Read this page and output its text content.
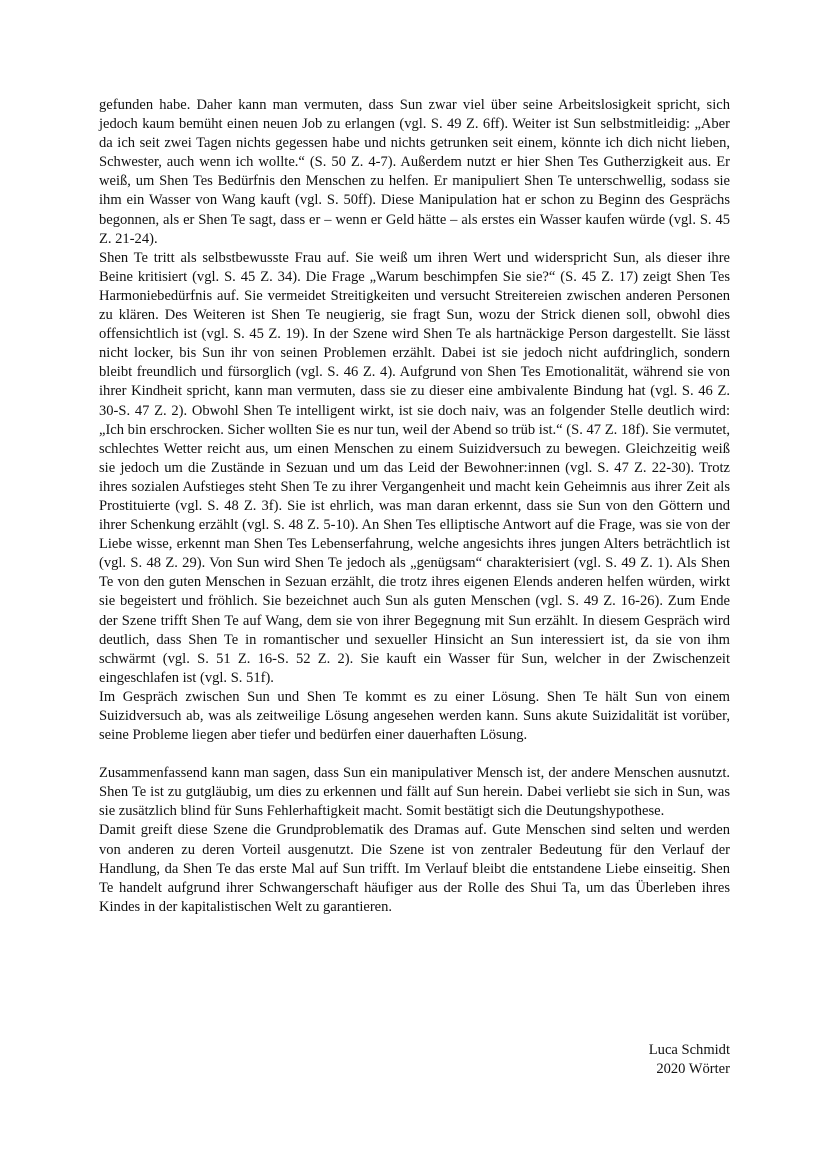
gefunden habe. Daher kann man vermuten, dass Sun zwar viel über seine Arbeitslosigkeit spricht, sich jedoch kaum bemüht einen neuen Job zu erlangen (vgl. S. 49 Z. 6ff). Weiter ist Sun selbstmitleidig: „Aber da ich seit zwei Tagen nichts gegessen habe und nichts getrunken seit einem, könnte ich dich nicht lieben, Schwester, auch wenn ich wollte.“ (S. 50 Z. 4-7). Außerdem nutzt er hier Shen Tes Gutherzigkeit aus. Er weiß, um Shen Tes Bedürfnis den Menschen zu helfen. Er manipuliert Shen Te unterschwellig, sodass sie ihm ein Wasser von Wang kauft (vgl. S. 50ff). Diese Manipulation hat er schon zu Beginn des Gesprächs begonnen, als er Shen Te sagt, dass er – wenn er Geld hätte – als erstes ein Wasser kaufen würde (vgl. S. 45 Z. 21-24).

Shen Te tritt als selbstbewusste Frau auf. Sie weiß um ihren Wert und widerspricht Sun, als dieser ihre Beine kritisiert (vgl. S. 45 Z. 34). Die Frage „Warum beschimpfen Sie sie?“ (S. 45 Z. 17) zeigt Shen Tes Harmoniebedürfnis auf. Sie vermeidet Streitigkeiten und versucht Streitereien zwischen anderen Personen zu klären. Des Weiteren ist Shen Te neugierig, sie fragt Sun, wozu der Strick dienen soll, obwohl dies offensichtlich ist (vgl. S. 45 Z. 19). In der Szene wird Shen Te als hartnäckige Person dargestellt. Sie lässt nicht locker, bis Sun ihr von seinen Problemen erzählt. Dabei ist sie jedoch nicht aufdringlich, sondern bleibt freundlich und fürsorglich (vgl. S. 46 Z. 4). Aufgrund von Shen Tes Emotionalität, während sie von ihrer Kindheit spricht, kann man vermuten, dass sie zu dieser eine ambivalente Bindung hat (vgl. S. 46 Z. 30-S. 47 Z. 2). Obwohl Shen Te intelligent wirkt, ist sie doch naiv, was an folgender Stelle deutlich wird: „Ich bin erschrocken. Sicher wollten Sie es nur tun, weil der Abend so trüb ist.“ (S. 47 Z. 18f). Sie vermutet, schlechtes Wetter reicht aus, um einen Menschen zu einem Suizidversuch zu bewegen. Gleichzeitig weiß sie jedoch um die Zustände in Sezuan und um das Leid der Bewohner:innen (vgl. S. 47 Z. 22-30). Trotz ihres sozialen Aufstieges steht Shen Te zu ihrer Vergangenheit und macht kein Geheimnis aus ihrer Zeit als Prostituierte (vgl. S. 48 Z. 3f). Sie ist ehrlich, was man daran erkennt, dass sie Sun von den Göttern und ihrer Schenkung erzählt (vgl. S. 48 Z. 5-10). An Shen Tes elliptische Antwort auf die Frage, was sie von der Liebe wisse, erkennt man Shen Tes Lebenserfahrung, welche angesichts ihres jungen Alters beträchtlich ist (vgl. S. 48 Z. 29). Von Sun wird Shen Te jedoch als „genügsam“ charakterisiert (vgl. S. 49 Z. 1). Als Shen Te von den guten Menschen in Sezuan erzählt, die trotz ihres eigenen Elends anderen helfen würden, wirkt sie begeistert und fröhlich. Sie bezeichnet auch Sun als guten Menschen (vgl. S. 49 Z. 16-26). Zum Ende der Szene trifft Shen Te auf Wang, dem sie von ihrer Begegnung mit Sun erzählt. In diesem Gespräch wird deutlich, dass Shen Te in romantischer und sexueller Hinsicht an Sun interessiert ist, da sie von ihm schwärmt (vgl. S. 51 Z. 16-S. 52 Z. 2). Sie kauft ein Wasser für Sun, welcher in der Zwischenzeit eingeschlafen ist (vgl. S. 51f).

Im Gespräch zwischen Sun und Shen Te kommt es zu einer Lösung. Shen Te hält Sun von einem Suizidversuch ab, was als zeitweilige Lösung angesehen werden kann. Suns akute Suizidalität ist vorüber, seine Probleme liegen aber tiefer und bedürfen einer dauerhaften Lösung.

Zusammenfassend kann man sagen, dass Sun ein manipulativer Mensch ist, der andere Menschen ausnutzt. Shen Te ist zu gutgläubig, um dies zu erkennen und fällt auf Sun herein. Dabei verliebt sie sich in Sun, was sie zusätzlich blind für Suns Fehlerhaftigkeit macht. Somit bestätigt sich die Deutungshypothese.

Damit greift diese Szene die Grundproblematik des Dramas auf. Gute Menschen sind selten und werden von anderen zu deren Vorteil ausgenutzt. Die Szene ist von zentraler Bedeutung für den Verlauf der Handlung, da Shen Te das erste Mal auf Sun trifft. Im Verlauf bleibt die entstandene Liebe einseitig. Shen Te handelt aufgrund ihrer Schwangerschaft häufiger aus der Rolle des Shui Ta, um das Überleben ihres Kindes in der kapitalistischen Welt zu garantieren.

Luca Schmidt
2020 Wörter
